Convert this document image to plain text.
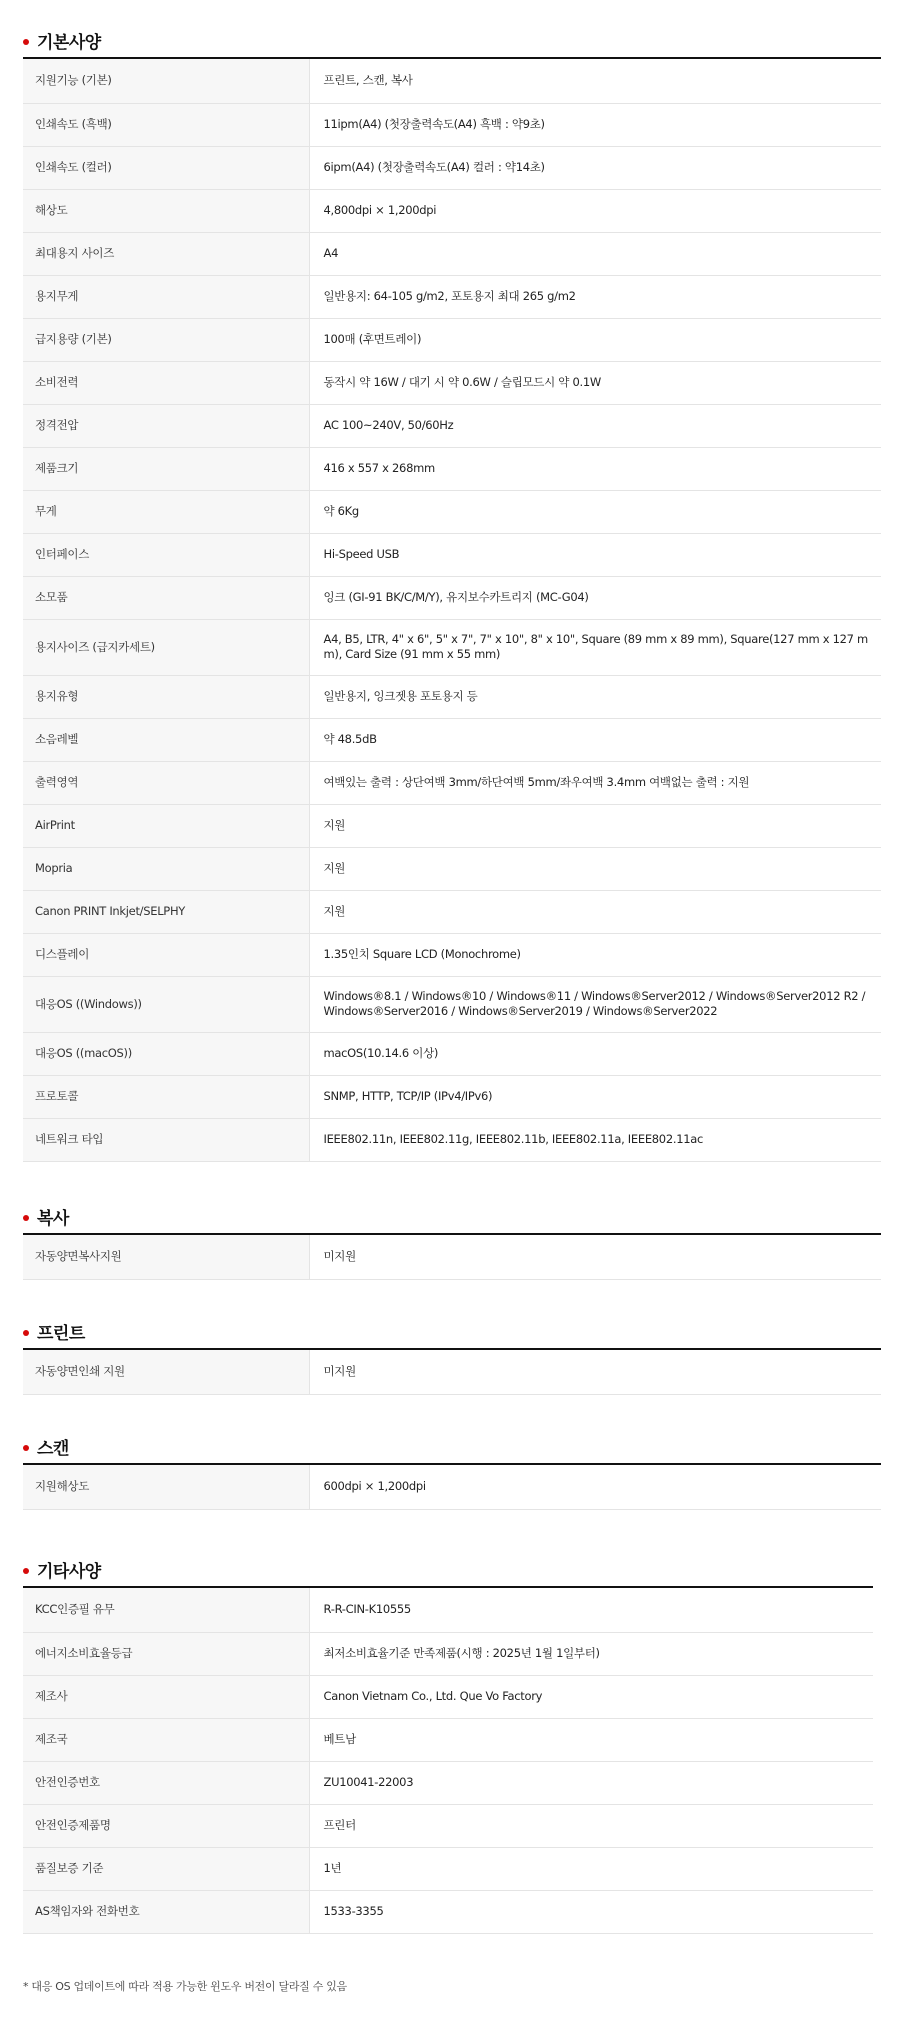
기본사양
지원기능 (기본)	프린트, 스캔, 복사
인쇄속도 (흑백)	11ipm(A4) (첫장출력속도(A4) 흑백 : 약9초)
인쇄속도 (컬러)	6ipm(A4) (첫장출력속도(A4) 컬러 : 약14초)
해상도	4,800dpi × 1,200dpi
최대용지 사이즈	A4
용지무게	일반용지: 64-105 g/m2, 포토용지 최대 265 g/m2
급지용량 (기본)	100매 (후면트레이)
소비전력	동작시 약 16W / 대기 시 약 0.6W / 슬립모드시 약 0.1W
정격전압	AC 100~240V, 50/60Hz
제품크기	416 x 557 x 268mm
무게	약 6Kg
인터페이스	Hi-Speed USB
소모품	잉크 (GI-91 BK/C/M/Y), 유지보수카트리지 (MC-G04)
용지사이즈 (급지카세트)	A4, B5, LTR, 4" x 6", 5" x 7", 7" x 10", 8" x 10", Square (89 mm x 89 mm), Square(127 mm x 127 mm), Card Size (91 mm x 55 mm)
용지유형	일반용지, 잉크젯용 포토용지 등
소음레벨	약 48.5dB
출력영역	여백있는 출력 : 상단여백 3mm/하단여백 5mm/좌우여백 3.4mm 여백없는 출력 : 지원
AirPrint	지원
Mopria	지원
Canon PRINT Inkjet/SELPHY	지원
디스플레이	1.35인치 Square LCD (Monochrome)
대응OS ((Windows))	Windows®8.1 / Windows®10 / Windows®11 / Windows®Server2012 / Windows®Server2012 R2 / Windows®Server2016 / Windows®Server2019 / Windows®Server2022
대응OS ((macOS))	macOS(10.14.6 이상)
프로토콜	SNMP, HTTP, TCP/IP (IPv4/IPv6)
네트워크 타입	IEEE802.11n, IEEE802.11g, IEEE802.11b, IEEE802.11a, IEEE802.11ac
복사
자동양면복사지원	미지원
프린트
자동양면인쇄 지원	미지원
스캔
지원해상도	600dpi × 1,200dpi
기타사양
KCC인증필 유무	R-R-CIN-K10555
에너지소비효율등급	최저소비효율기준 만족제품(시행 : 2025년 1월 1일부터)
제조사	Canon Vietnam Co., Ltd. Que Vo Factory
제조국	베트남
안전인증번호	ZU10041-22003
안전인증제품명	프린터
품질보증 기준	1년
AS책임자와 전화번호	1533-3355
* 대응 OS 업데이트에 따라 적용 가능한 윈도우 버전이 달라질 수 있음
